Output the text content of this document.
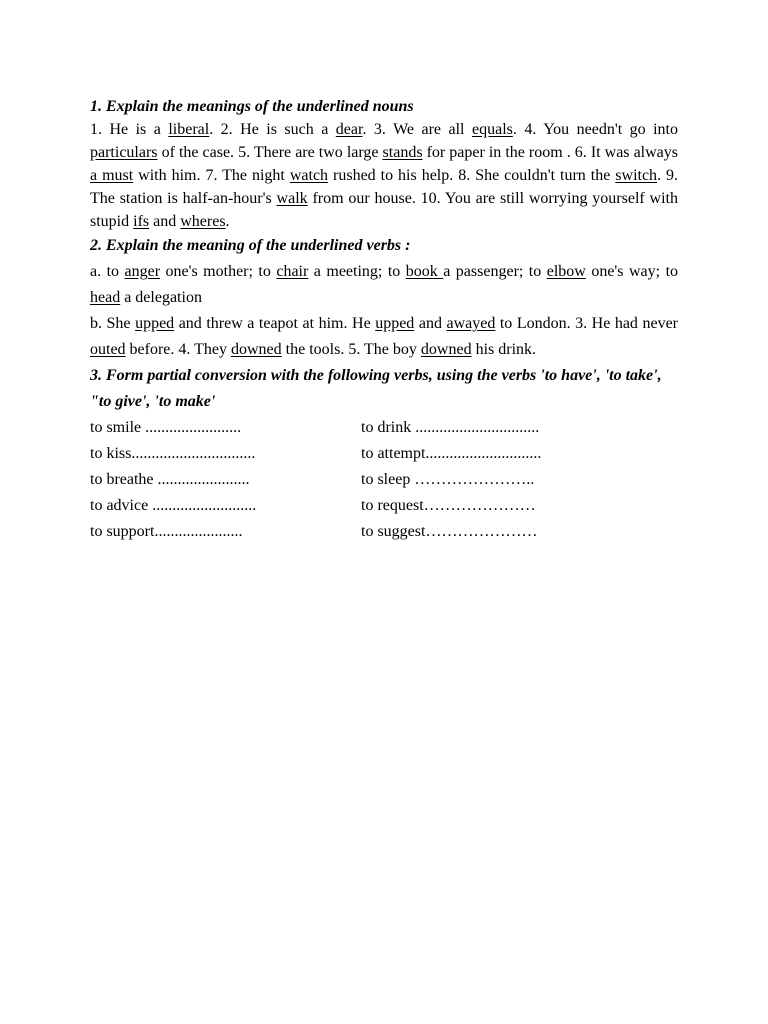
1. Explain the meanings of the underlined nouns

1. He is a liberal. 2. He is such a dear. 3. We are all equals. 4. You needn't go into particulars of the case. 5. There are two large stands for paper in the room . 6. It was always a must with him. 7. The night watch rushed to his help. 8. She couldn't turn the switch. 9. The station is half-an-hour's walk from our house. 10. You are still worrying yourself with stupid ifs and wheres.

2. Explain the meaning of the underlined verbs :

a. to anger one's mother; to chair a meeting; to book a passenger; to elbow one's way; to head a delegation

b. She upped and threw a teapot at him. He upped and awayed to London. 3. He had never outed before. 4. They downed the tools. 5. The boy downed his drink.

3. Form partial conversion with the following verbs, using the verbs 'to have', 'to take', "to give', 'to make'

to smile ........................	to drink ...............................
to kiss...............................	to attempt.............................
to breathe .......................	to sleep …………………..
to advice ..........................	to request…………………
to support......................	to suggest…………………
